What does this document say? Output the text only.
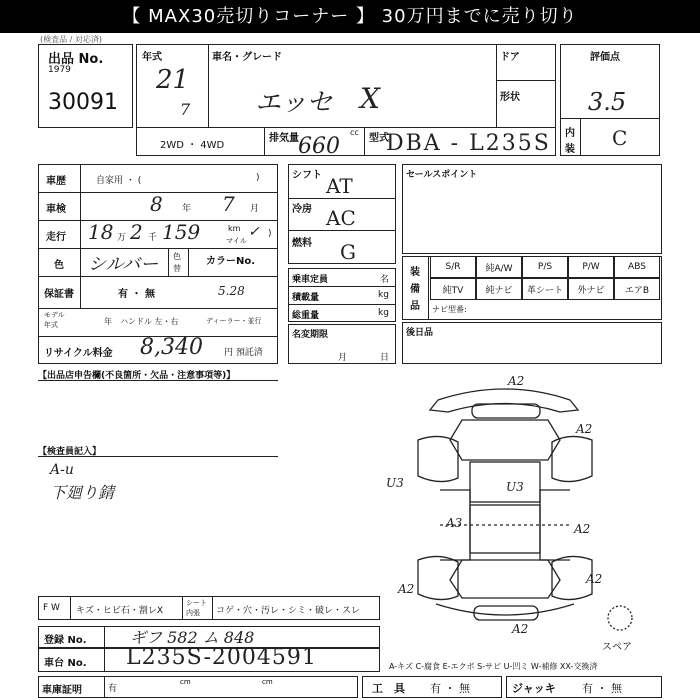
【 MAX30売切りコーナー 】 30万円までに売り切り
(検査品 / 対応済)
出品 No.
1979
30091
年式
21
7
車名・グレード
エッセ X
ドア
形状
2WD ・ 4WD
排気量
cc
660	型式
DBA - L235S
評価点
3.5
内
装 C
車歴	自家用 ・ (	)
車検	8 年 7 月
走行 18 万 2 千 159	km
マイル
✓ )
色 シルバー 色
替
カラーNo.
保証書	有 ・ 無	5.28
モデル
年式	年 ハンドル 左・右	ディーラー・並行
リサイクル料金 8,340 円 預託済
シフト AT
冷房 AC
燃料 G
乗車定員	名
積載量	kg
総重量	kg
名変期限
月	日
セールスポイント
装
備
品
S/R	純A/W	P/S	P/W	ABS
純TV	純ナビ	革シート	外ナビ	エアB
ナビ型番:
後日品
【出品店申告欄(不良箇所・欠品・注意事項等)】
【検査員記入】
A-u
下廻り錆
A2
A2
U3	U3
A3	A2
A2
A2
A2
スペア
F W キズ・ヒビ石・割レX
シート
内張 コゲ・穴・汚レ・シミ・破レ・スレ
登録 No.	ギフ 582 ム 848
車台 No. L235S-2004591	A-キズ C-腐食 E-エクボ S-サビ U-凹ミ W-補修 XX-交換済
車庫証明	有
cm	cm	工　具 有 ・ 無	ジャッキ 有 ・ 無
